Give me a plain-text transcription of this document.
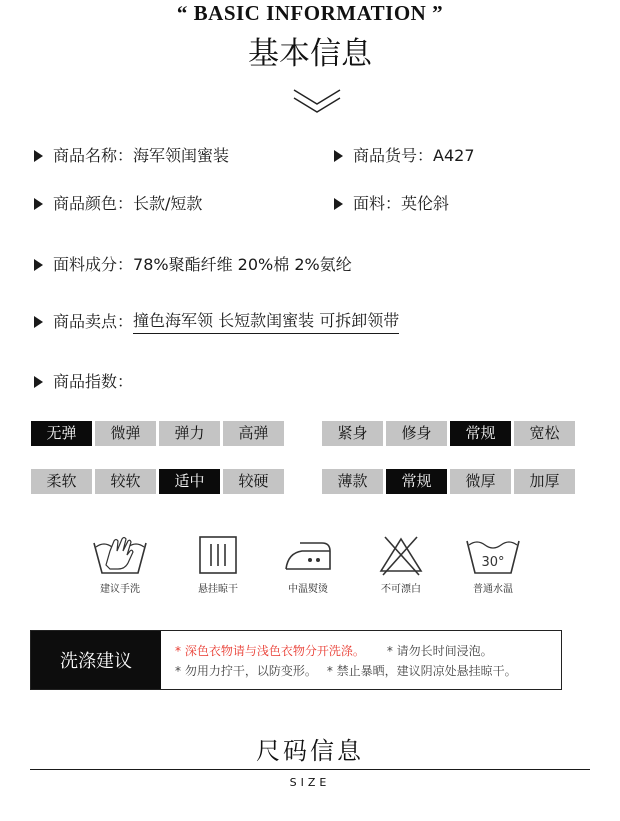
“ BASIC INFORMATION ”
基本信息
商品名称： 海军领闺蜜装	商品货号： A427
商品颜色： 长款/短款	面料： 英伦斜
面料成分： 78%聚酯纤维 20%棉 2%氨纶
商品卖点： 撞色海军领 长短款闺蜜装 可拆卸领带
商品指数：
无弹	微弹	弹力	高弹	紧身	修身	常规	宽松
柔软	较软	适中	较硬	薄款	常规	微厚	加厚
建议手洗	悬挂晾干	中温熨烫	不可漂白
30°
普通水温
洗涤建议	* 深色衣物请与浅色衣物分开洗涤。 * 请勿长时间浸泡。
* 勿用力拧干，以防变形。 * 禁止暴晒，建议阴凉处悬挂晾干。
尺码信息
SIZE
